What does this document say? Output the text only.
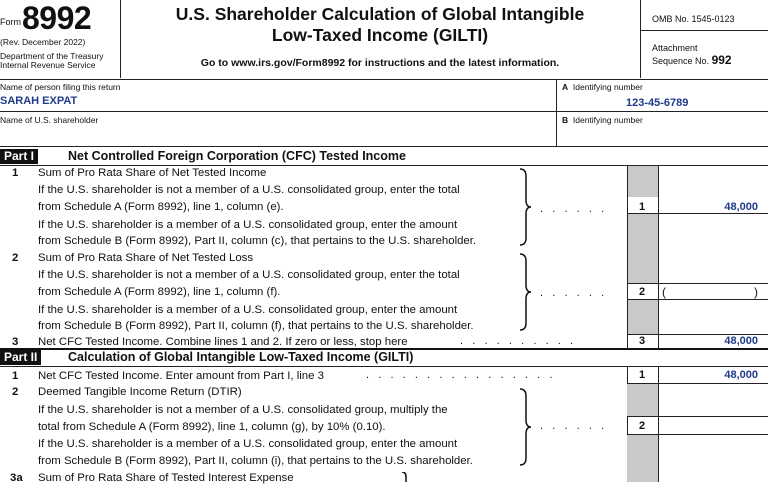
Form 8992
(Rev. December 2022)
Department of the Treasury
Internal Revenue Service
U.S. Shareholder Calculation of Global Intangible
Low-Taxed Income (GILTI)
Go to www.irs.gov/Form8992 for instructions and the latest information.
OMB No. 1545-0123
Attachment
Sequence No. 992
Name of person filing this return
SARAH EXPAT
A Identifying number
123-45-6789
Name of U.S. shareholder	B Identifying number
Part I	Net Controlled Foreign Corporation (CFC) Tested Income
1 Sum of Pro Rata Share of Net Tested Income
If the U.S. shareholder is not a member of a U.S. consolidated group, enter the total
from Schedule A (Form 8992), line 1, column (e).
If the U.S. shareholder is a member of a U.S. consolidated group, enter the amount
from Schedule B (Form 8992), Part II, column (c), that pertains to the U.S. shareholder.
.   .   .   .   .   .	1	48,000
2 Sum of Pro Rata Share of Net Tested Loss
If the U.S. shareholder is not a member of a U.S. consolidated group, enter the total
from Schedule A (Form 8992), line 1, column (f).
If the U.S. shareholder is a member of a U.S. consolidated group, enter the amount
from Schedule B (Form 8992), Part II, column (f), that pertains to the U.S. shareholder.
.   .   .   .   .   .	2	(	)
3 Net CFC Tested Income. Combine lines 1 and 2. If zero or less, stop here	.   .   .   .   .   .   .   .   .   .	3	48,000
Part II	Calculation of Global Intangible Low-Taxed Income (GILTI)
1 Net CFC Tested Income. Enter amount from Part I, line 3	.   .   .   .   .   .   .   .   .   .   .   .   .   .   .   .	1	48,000
2 Deemed Tangible Income Return (DTIR)
If the U.S. shareholder is not a member of a U.S. consolidated group, multiply the
total from Schedule A (Form 8992), line 1, column (g), by 10% (0.10).
If the U.S. shareholder is a member of a U.S. consolidated group, enter the amount
from Schedule B (Form 8992), Part II, column (i), that pertains to the U.S. shareholder.
.   .   .   .   .   .	2
3a Sum of Pro Rata Share of Tested Interest Expense
